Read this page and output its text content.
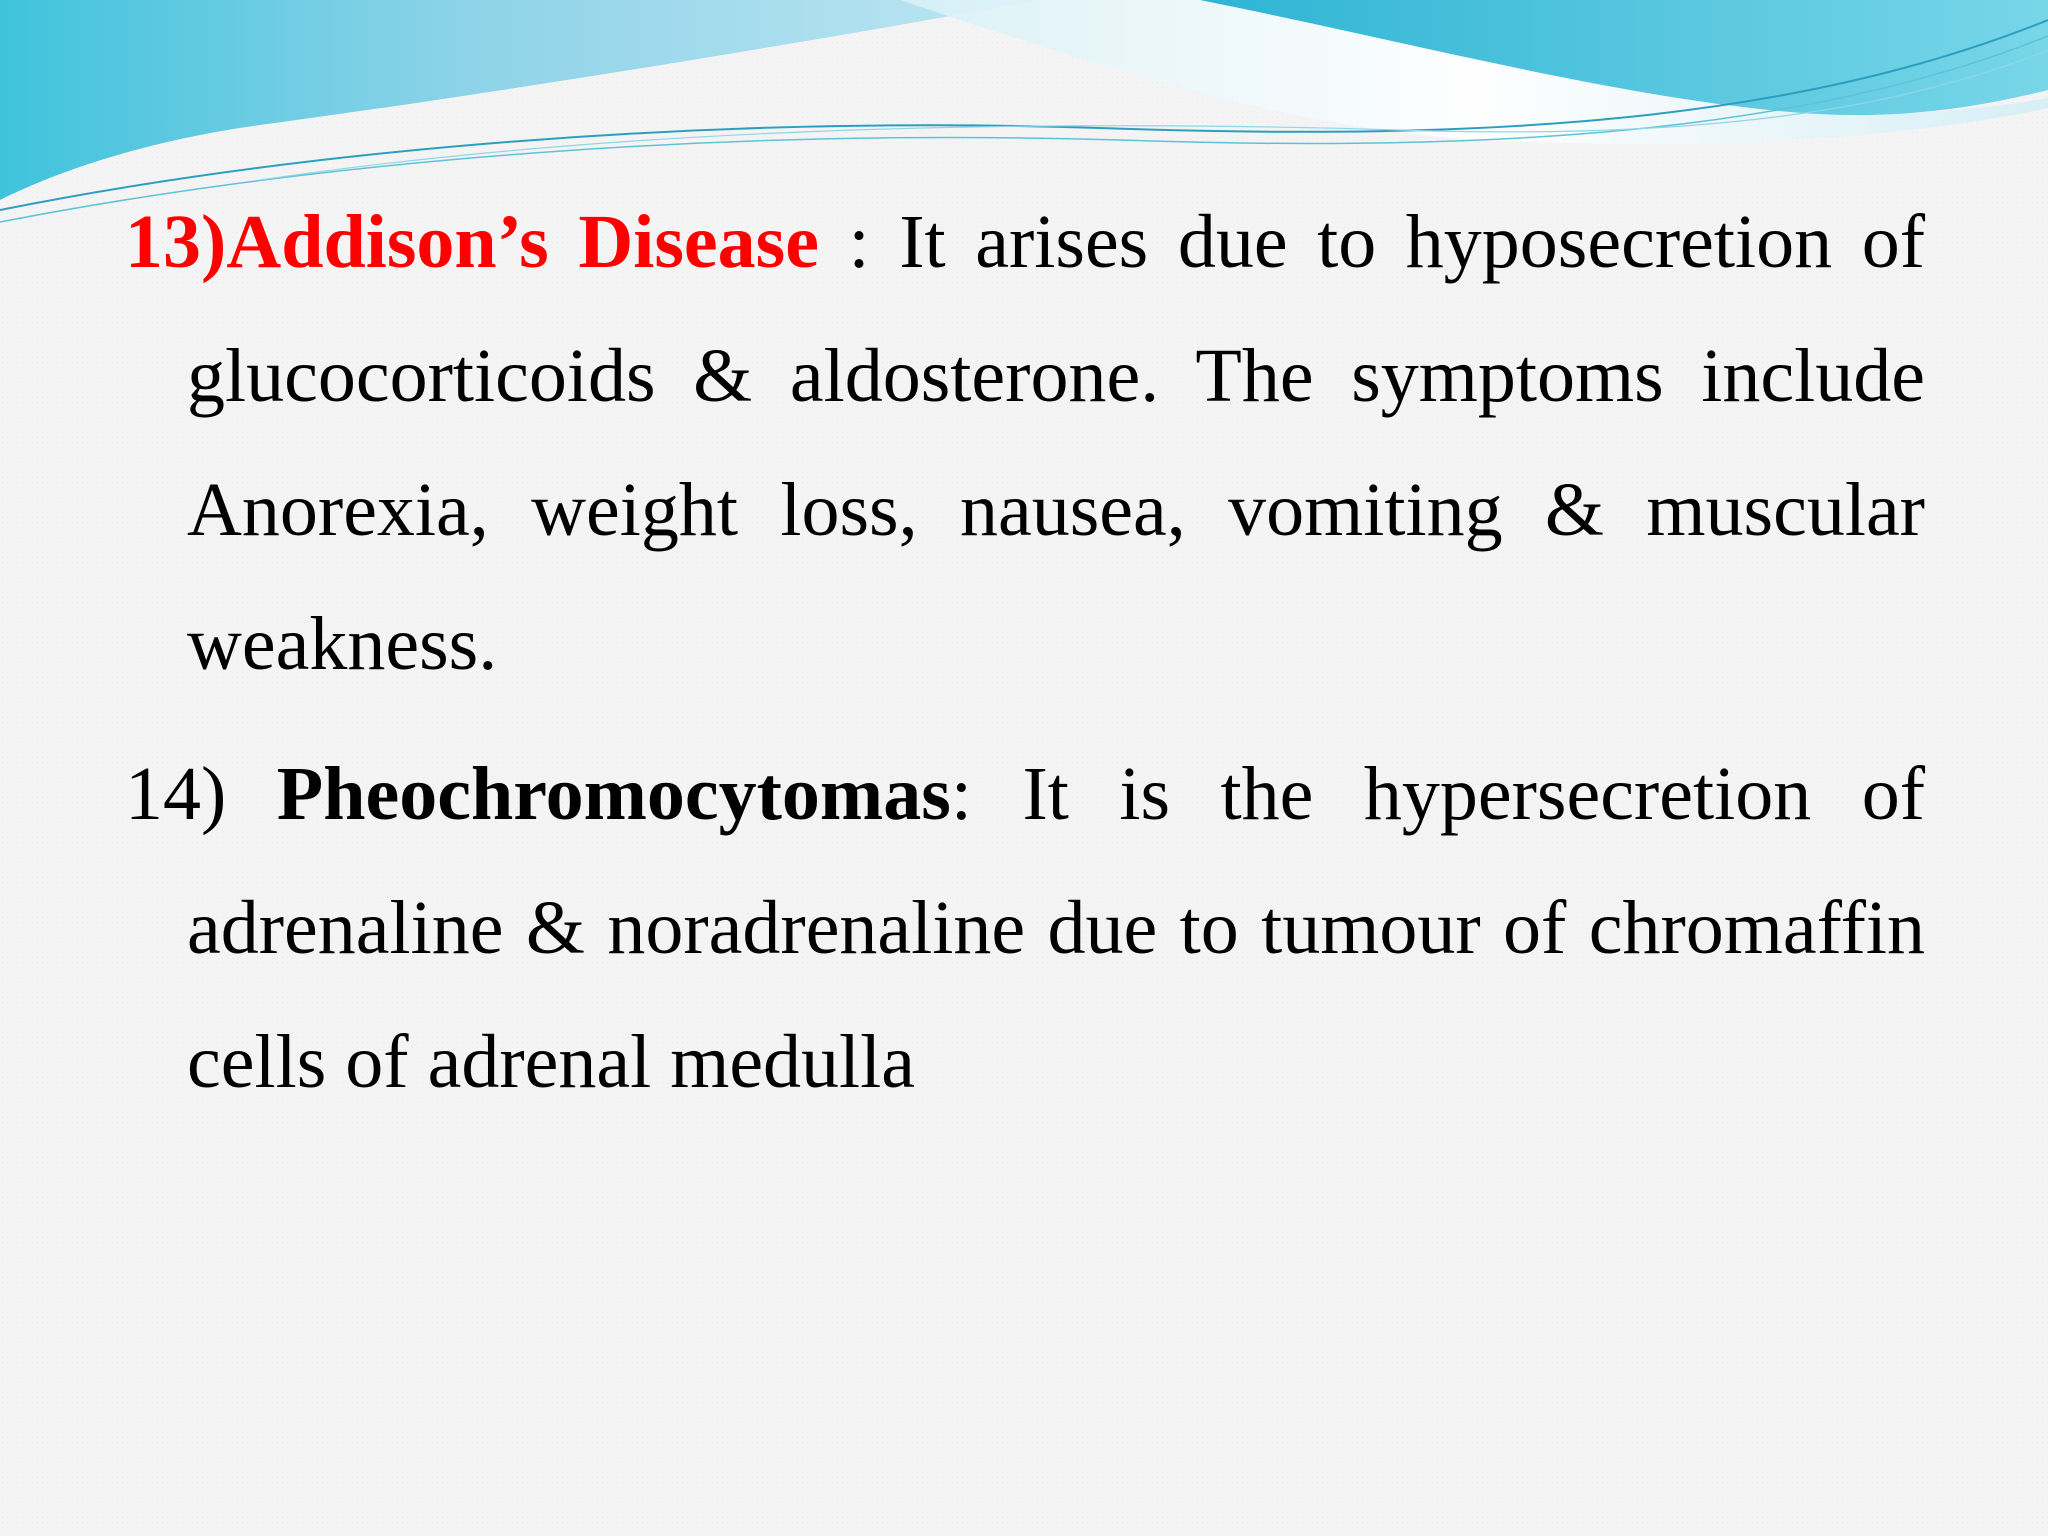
13)Addison’s Disease : It arises due to hyposecretion of glucocorticoids & aldosterone. The symptoms include Anorexia, weight loss, nausea, vomiting & muscular weakness.

14) Pheochromocytomas: It is the hypersecretion of adrenaline & noradrenaline due to tumour of chromaffin cells of adrenal medulla
